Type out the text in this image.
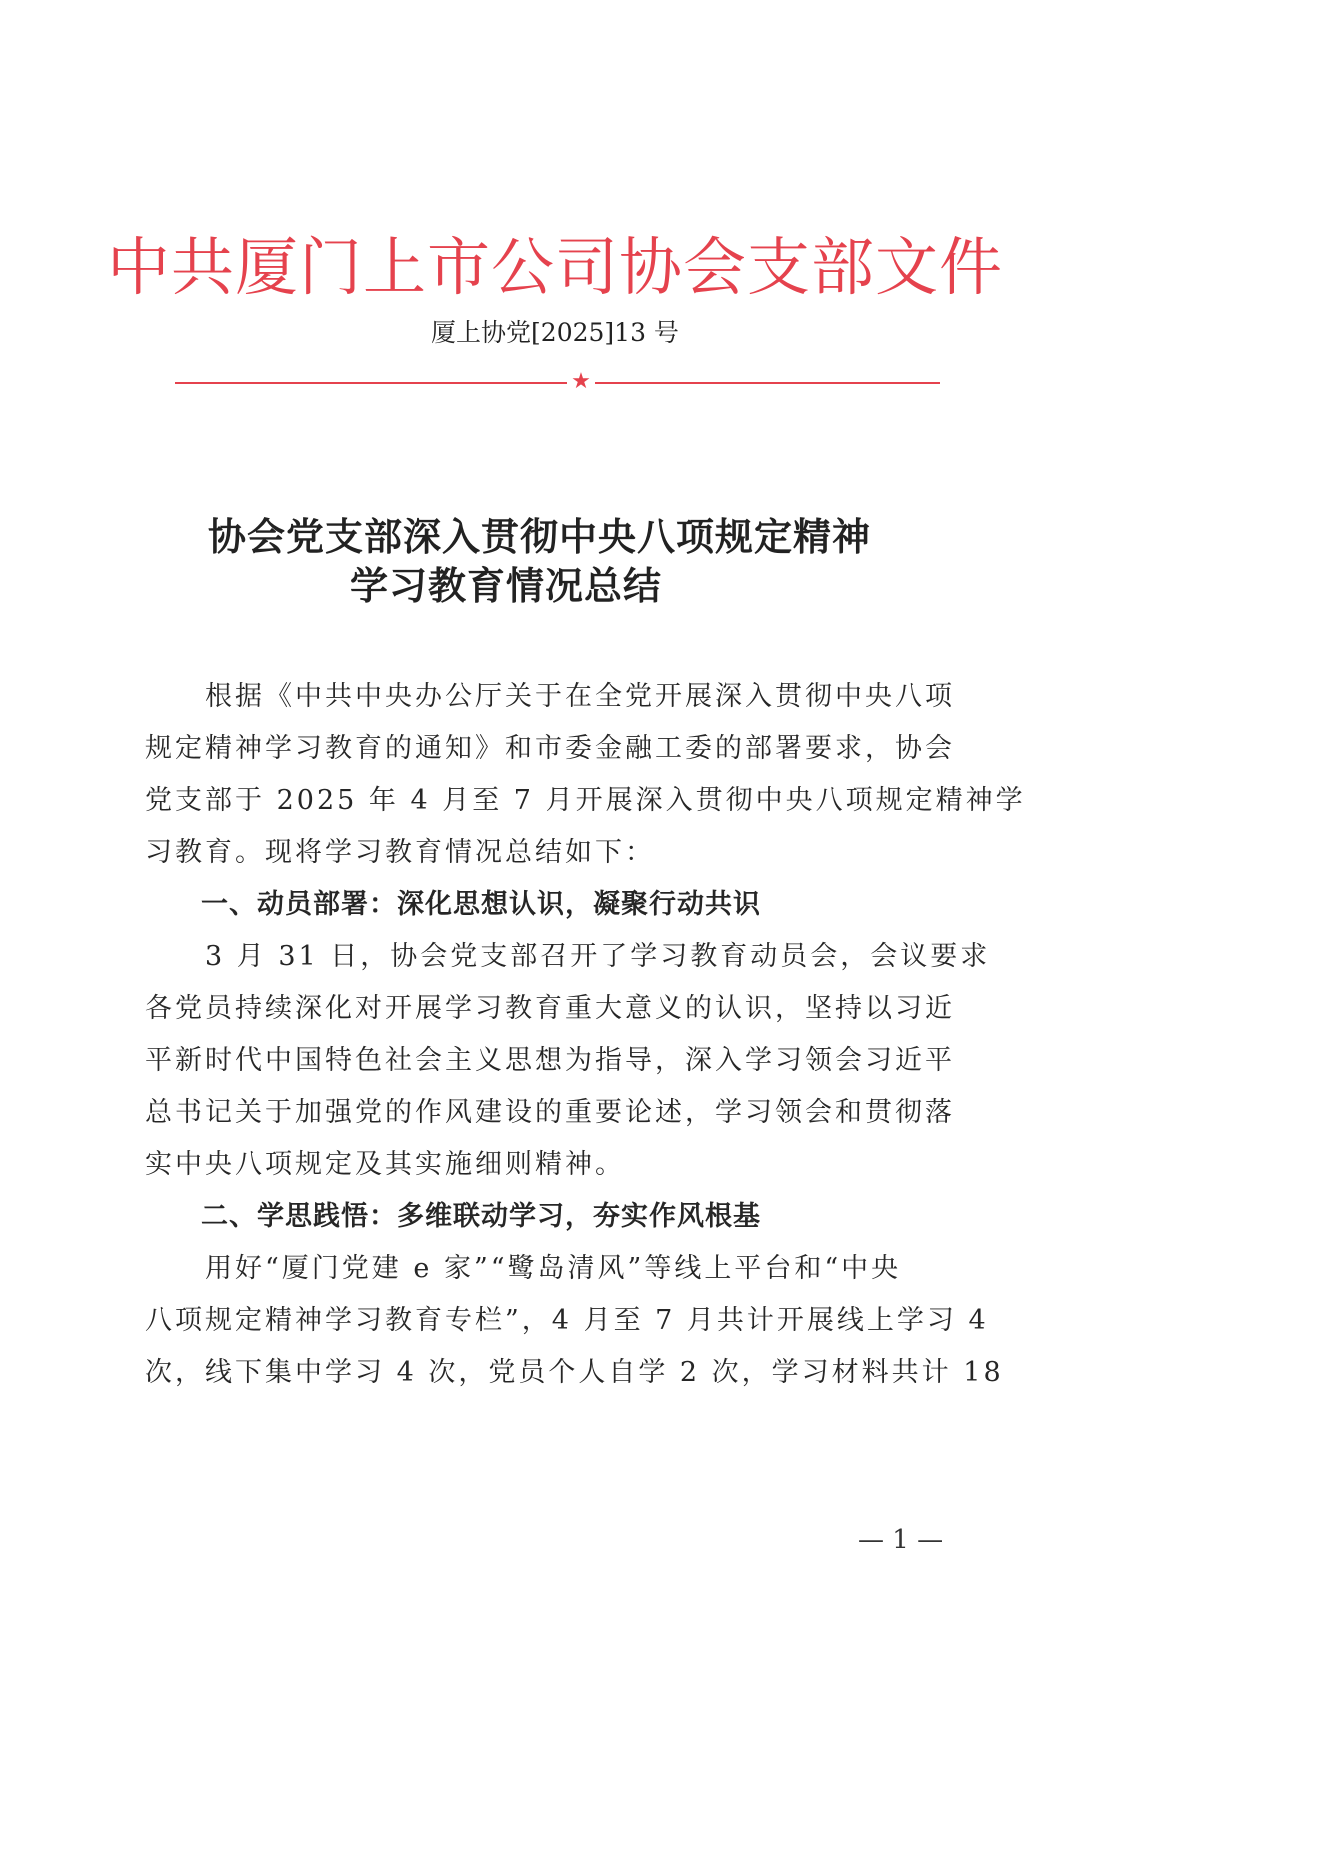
中共厦门上市公司协会支部文件
厦上协党[2025]13 号
★
协会党支部深入贯彻中央八项规定精神
学习教育情况总结
　　根据《中共中央办公厅关于在全党开展深入贯彻中央八项
规定精神学习教育的通知》和市委金融工委的部署要求，协会
党支部于 2025 年 4 月至 7 月开展深入贯彻中央八项规定精神学
习教育。现将学习教育情况总结如下：
　　一、动员部署：深化思想认识，凝聚行动共识
　　3 月 31 日，协会党支部召开了学习教育动员会，会议要求
各党员持续深化对开展学习教育重大意义的认识，坚持以习近
平新时代中国特色社会主义思想为指导，深入学习领会习近平
总书记关于加强党的作风建设的重要论述，学习领会和贯彻落
实中央八项规定及其实施细则精神。
　　二、学思践悟：多维联动学习，夯实作风根基
　　用好“厦门党建 e 家”“鹭岛清风”等线上平台和“中央
八项规定精神学习教育专栏”，4 月至 7 月共计开展线上学习 4
次，线下集中学习 4 次，党员个人自学 2 次，学习材料共计 18
— 1 —
